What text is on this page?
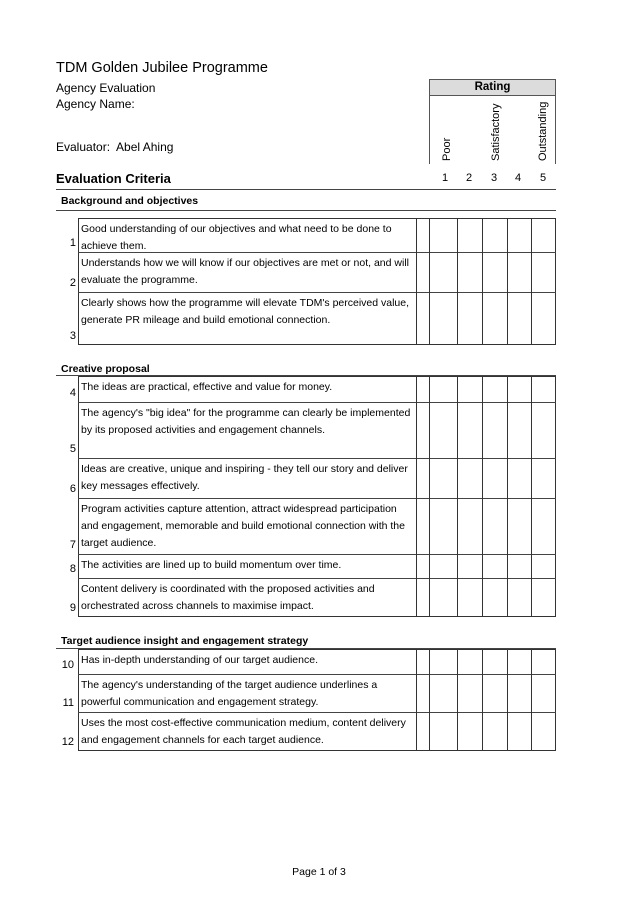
TDM Golden Jubilee Programme
Agency Evaluation
Agency Name:
Evaluator: Abel Ahing
Rating
Poor	Satisfactory	Outstanding
Evaluation Criteria	1	2	3	4	5
Background and objectives
Creative proposal
Target audience insight and engagement strategy
1
Good understanding of our objectives and what need to be done to achieve them.
2
Understands how we will know if our objectives are met or not, and will evaluate the programme.
3
Clearly shows how the programme will elevate TDM's perceived value, generate PR mileage and build emotional connection.
4 The ideas are practical, effective and value for money.
5
The agency's "big idea" for the programme can clearly be implemented by its proposed activities and engagement channels.
6
Ideas are creative, unique and inspiring - they tell our story and deliver key messages effectively.
7
Program activities capture attention, attract widespread participation and engagement, memorable and build emotional connection with the target audience.
8 The activities are lined up to build momentum over time.
9
Content delivery is coordinated with the proposed activities and orchestrated across channels to maximise impact.
10 Has in-depth understanding of our target audience.
11
The agency's understanding of the target audience underlines a powerful communication and engagement strategy.
12
Uses the most cost-effective communication medium, content delivery and engagement channels for each target audience.
Page 1 of 3
